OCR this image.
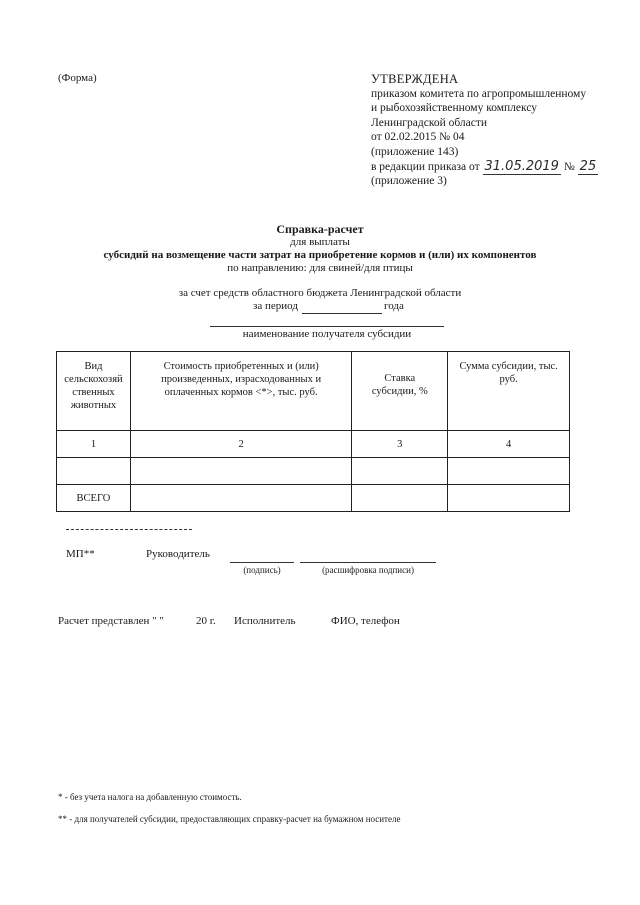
(Форма)	УТВЕРЖДЕНА
приказом комитета по агропромышленному
и рыбохозяйственному комплексу
Ленинградской области
от 02.02.2015 № 04
(приложение 143)
в редакции приказа от 31.05.2019 № 25
(приложение 3)
Справка-расчет
для выплаты
субсидий на возмещение части затрат на приобретение кормов и (или) их компонентов
по направлению: для свиней/для птицы
за счет средств областного бюджета Ленинградской области
за период	года
наименование получателя субсидии
Вид сельскохозяй ственных животных	Стоимость приобретенных и (или) произведенных, израсходованных и оплаченных кормов <*>, тыс. руб.	Ставка субсидии, %	Сумма субсидии, тыс. руб.

1	2	3	4

ВСЕГО			
МП**	Руководитель
(подпись)	(расшифровка подписи)
Расчет представлен " "	20 г. Исполнитель	ФИО, телефон
* - без учета налога на добавленную стоимость.
** - для получателей субсидии, предоставляющих справку-расчет на бумажном носителе
